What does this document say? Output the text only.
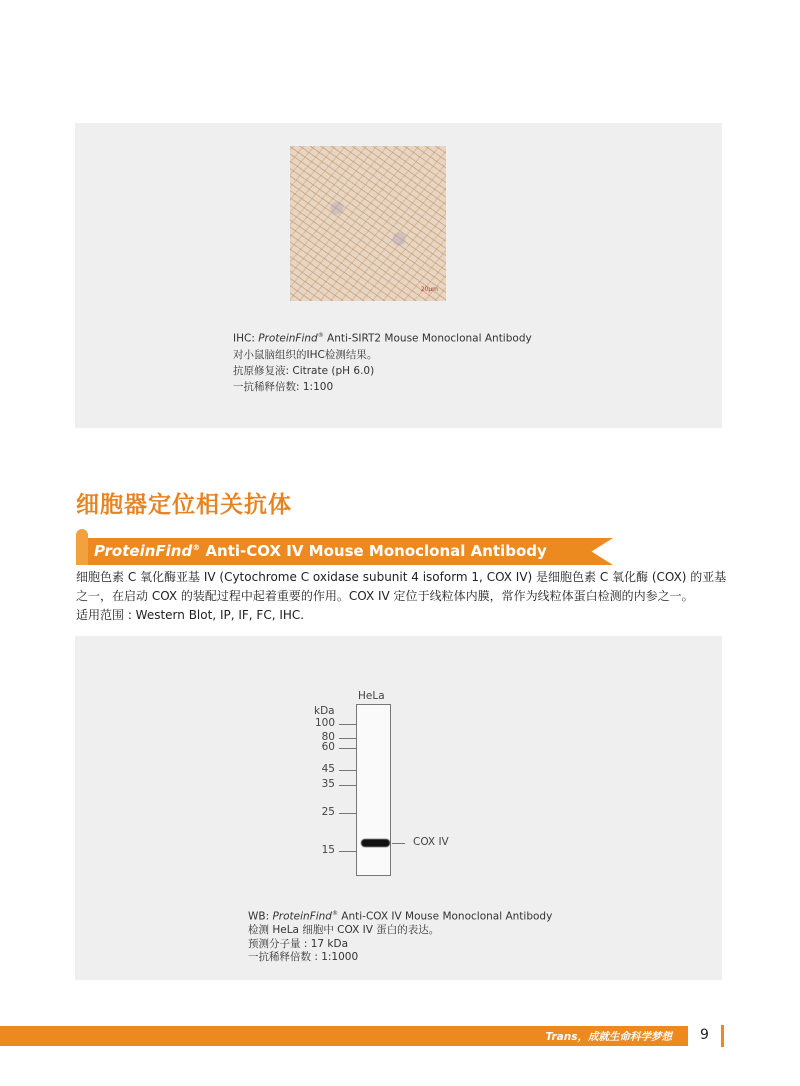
20μm
IHC: ProteinFind® Anti-SIRT2 Mouse Monoclonal Antibody
对小鼠脑组织的IHC检测结果。
抗原修复液: Citrate (pH 6.0)
一抗稀释倍数: 1:100
细胞器定位相关抗体
ProteinFind® Anti-COX IV Mouse Monoclonal Antibody
细胞色素 C 氧化酶亚基 IV (Cytochrome C oxidase subunit 4 isoform 1, COX IV) 是细胞色素 C 氧化酶 (COX) 的亚基
之一，在启动 COX 的装配过程中起着重要的作用。COX IV 定位于线粒体内膜，常作为线粒体蛋白检测的内参之一。
适用范围 : Western Blot, IP, IF, FC, IHC.
HeLa
kDa
100
80
60
45
35
25
15
COX IV
WB: ProteinFind® Anti-COX IV Mouse Monoclonal Antibody
检测 HeLa 细胞中 COX IV 蛋白的表达。
预测分子量 : 17 kDa
一抗稀释倍数 : 1:1000
Trans，成就生命科学梦想 9
